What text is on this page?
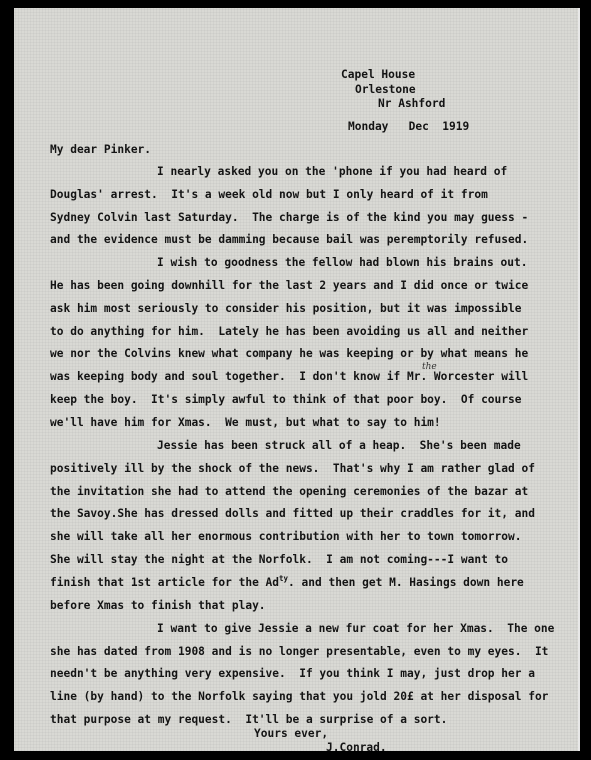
Capel House
Orlestone
Nr Ashford
Monday   Dec  1919
My dear Pinker.
I nearly asked you on the 'phone if you had heard of
Douglas' arrest.  It's a week old now but I only heard of it from
Sydney Colvin last Saturday.  The charge is of the kind you may guess -
and the evidence must be damming because bail was peremptorily refused.
I wish to goodness the fellow had blown his brains out.
He has been going downhill for the last 2 years and I did once or twice
ask him most seriously to consider his position, but it was impossible
to do anything for him.  Lately he has been avoiding us all and neither
we nor the Colvins knew what company he was keeping or by what means he
the
was keeping body and soul together.  I don't know if Mr. Worcester will
keep the boy.  It's simply awful to think of that poor boy.  Of course
we'll have him for Xmas.  We must, but what to say to him!
Jessie has been struck all of a heap.  She's been made
positively ill by the shock of the news.  That's why I am rather glad of
the invitation she had to attend the opening ceremonies of the bazar at
the Savoy.She has dressed dolls and fitted up their craddles for it, and
she will take all her enormous contribution with her to town tomorrow.
She will stay the night at the Norfolk.  I am not coming---I want to
finish that 1st article for the $Ad^{ty}$. and then get M. Hasings down here
before Xmas to finish that play.
I want to give Jessie a new fur coat for her Xmas.  The one
she has dated from 1908 and is no longer presentable, even to my eyes.  It
needn't be anything very expensive.  If you think I may, just drop her a
line (by hand) to the Norfolk saying that you jold 20£ at her disposal for
that purpose at my request.  It'll be a surprise of a sort.
Yours ever,
J.Conrad.
